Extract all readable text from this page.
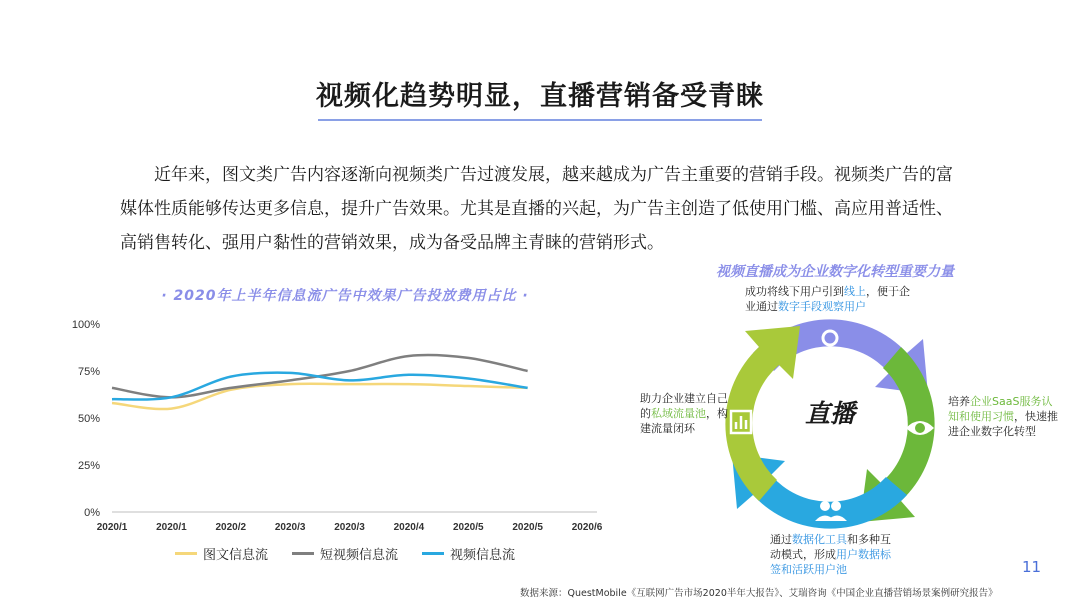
视频化趋势明显，直播营销备受青睐
近年来，图文类广告内容逐渐向视频类广告过渡发展，越来越成为广告主重要的营销手段。视频类广告的富媒体性质能够传达更多信息，提升广告效果。尤其是直播的兴起，为广告主创造了低使用门槛、高应用普适性、高销售转化、强用户黏性的营销效果，成为备受品牌主青睐的营销形式。
· 2020年上半年信息流广告中效果广告投放费用占比 ·
100%
75%
50%
25%
0%
2020/1	2020/1	2020/2	2020/3	2020/3	2020/4	2020/5	2020/5	2020/6
图文信息流	短视频信息流	视频信息流
视频直播成为企业数字化转型重要力量
直播
成功将线下用户引到线上，便于企业通过数字手段观察用户
培养企业SaaS服务认知和使用习惯，快速推进企业数字化转型
通过数据化工具和多种互动模式，形成用户数据标签和活跃用户池
助力企业建立自己的私域流量池，构建流量闭环
11
数据来源：QuestMobile《互联网广告市场2020半年大报告》、艾瑞咨询《中国企业直播营销场景案例研究报告》
